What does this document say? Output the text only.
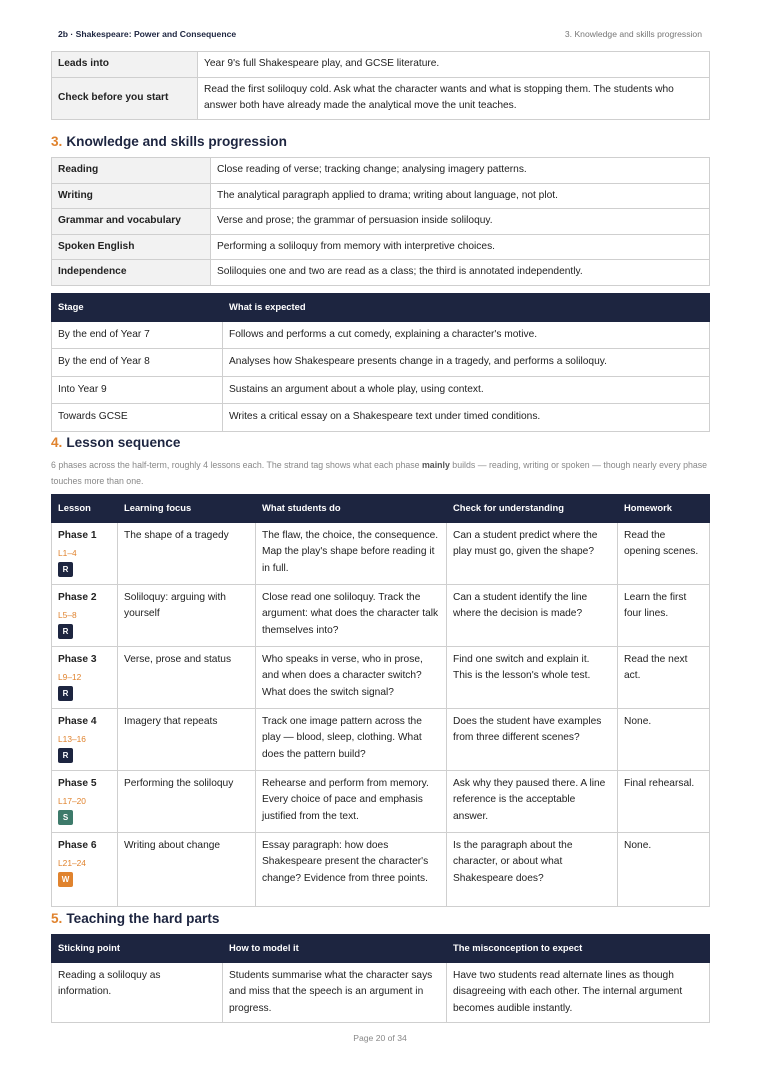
2b · Shakespeare: Power and Consequence	3. Knowledge and skills progression
Leads into	Year 9's full Shakespeare play, and GCSE literature.
Check before you start	Read the first soliloquy cold. Ask what the character wants and what is stopping them. The students who answer both have already made the analytical move the unit teaches.
3. Knowledge and skills progression
Reading	Close reading of verse; tracking change; analysing imagery patterns.
Writing	The analytical paragraph applied to drama; writing about language, not plot.
Grammar and vocabulary	Verse and prose; the grammar of persuasion inside soliloquy.
Spoken English	Performing a soliloquy from memory with interpretive choices.
Independence	Soliloquies one and two are read as a class; the third is annotated independently.
Stage	What is expected
By the end of Year 7	Follows and performs a cut comedy, explaining a character's motive.
By the end of Year 8	Analyses how Shakespeare presents change in a tragedy, and performs a soliloquy.
Into Year 9	Sustains an argument about a whole play, using context.
Towards GCSE	Writes a critical essay on a Shakespeare text under timed conditions.
4. Lesson sequence
6 phases across the half-term, roughly 4 lessons each. The strand tag shows what each phase mainly builds — reading, writing or spoken — though nearly every phase touches more than one.
Lesson	Learning focus	What students do	Check for understanding	Homework

Phase 1
L1–4
R	The shape of a tragedy	The flaw, the choice, the consequence. Map the play's shape before reading it in full.	Can a student predict where the play must go, given the shape?	Read the opening scenes.

Phase 2
L5–8
R	Soliloquy: arguing with yourself	Close read one soliloquy. Track the argument: what does the character talk themselves into?	Can a student identify the line where the decision is made?	Learn the first four lines.

Phase 3
L9–12
R	Verse, prose and status	Who speaks in verse, who in prose, and when does a character switch? What does the switch signal?	Find one switch and explain it. This is the lesson's whole test.	Read the next act.

Phase 4
L13–16
R	Imagery that repeats	Track one image pattern across the play — blood, sleep, clothing. What does the pattern build?	Does the student have examples from three different scenes?	None.

Phase 5
L17–20
S	Performing the soliloquy	Rehearse and perform from memory. Every choice of pace and emphasis justified from the text.	Ask why they paused there. A line reference is the acceptable answer.	Final rehearsal.

Phase 6
L21–24
W	Writing about change	Essay paragraph: how does Shakespeare present the character's change? Evidence from three points.	Is the paragraph about the character, or about what Shakespeare does?	None.
5. Teaching the hard parts
Sticking point	How to model it	The misconception to expect
Reading a soliloquy as information.	Students summarise what the character says and miss that the speech is an argument in progress.	Have two students read alternate lines as though disagreeing with each other. The internal argument becomes audible instantly.
Page 20 of 34
